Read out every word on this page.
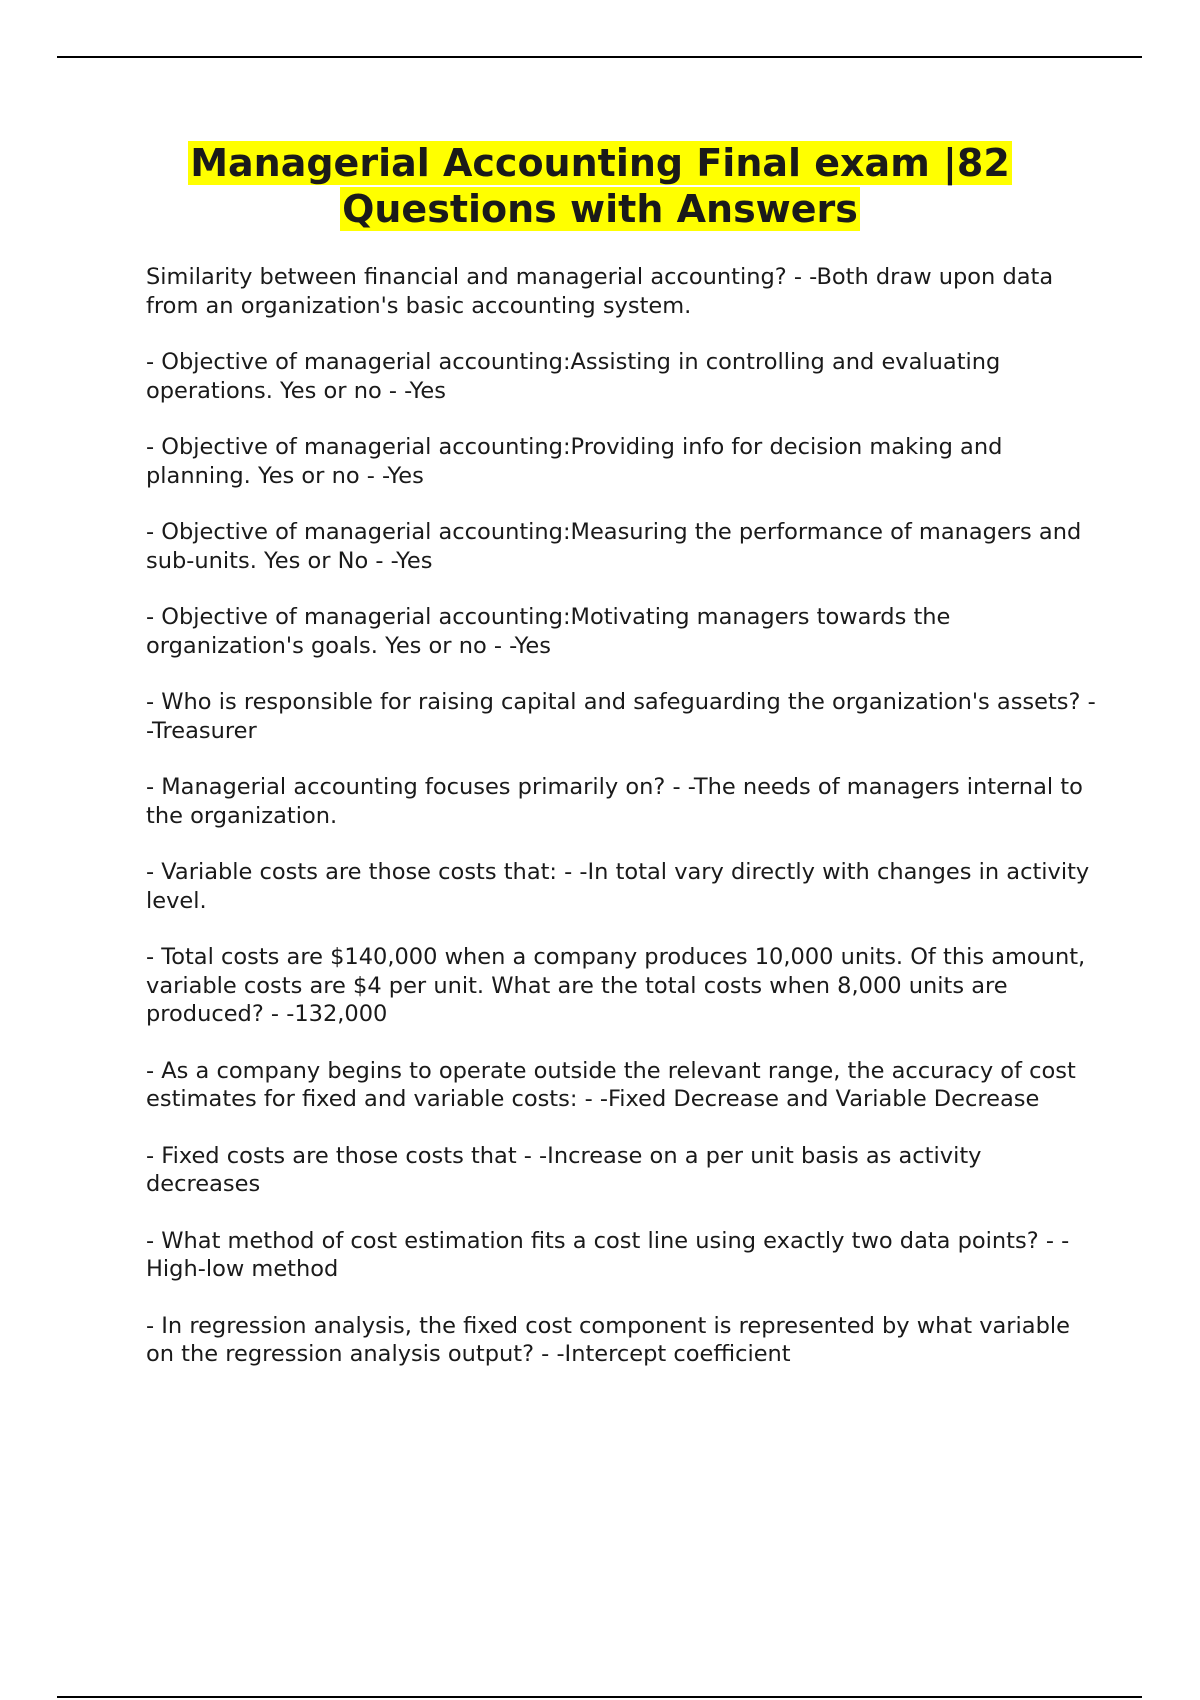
Managerial Accounting Final exam |82
Questions with Answers
Similarity between financial and managerial accounting? - -Both draw upon data from an organization's basic accounting system.
- Objective of managerial accounting:Assisting in controlling and evaluating operations. Yes or no - -Yes
- Objective of managerial accounting:Providing info for decision making and planning. Yes or no - -Yes
- Objective of managerial accounting:Measuring the performance of managers and sub-units. Yes or No - -Yes
- Objective of managerial accounting:Motivating managers towards the organization's goals. Yes or no - -Yes
- Who is responsible for raising capital and safeguarding the organization's assets? - -Treasurer
- Managerial accounting focuses primarily on? - -The needs of managers internal to the organization.
- Variable costs are those costs that: - -In total vary directly with changes in activity level.
- Total costs are $140,000 when a company produces 10,000 units. Of this amount, variable costs are $4 per unit. What are the total costs when 8,000 units are produced? - -132,000
- As a company begins to operate outside the relevant range, the accuracy of cost estimates for fixed and variable costs: - -Fixed Decrease and Variable Decrease
- Fixed costs are those costs that - -Increase on a per unit basis as activity decreases
- What method of cost estimation fits a cost line using exactly two data points? - -High-low method
- In regression analysis, the fixed cost component is represented by what variable on the regression analysis output? - -Intercept coefficient
